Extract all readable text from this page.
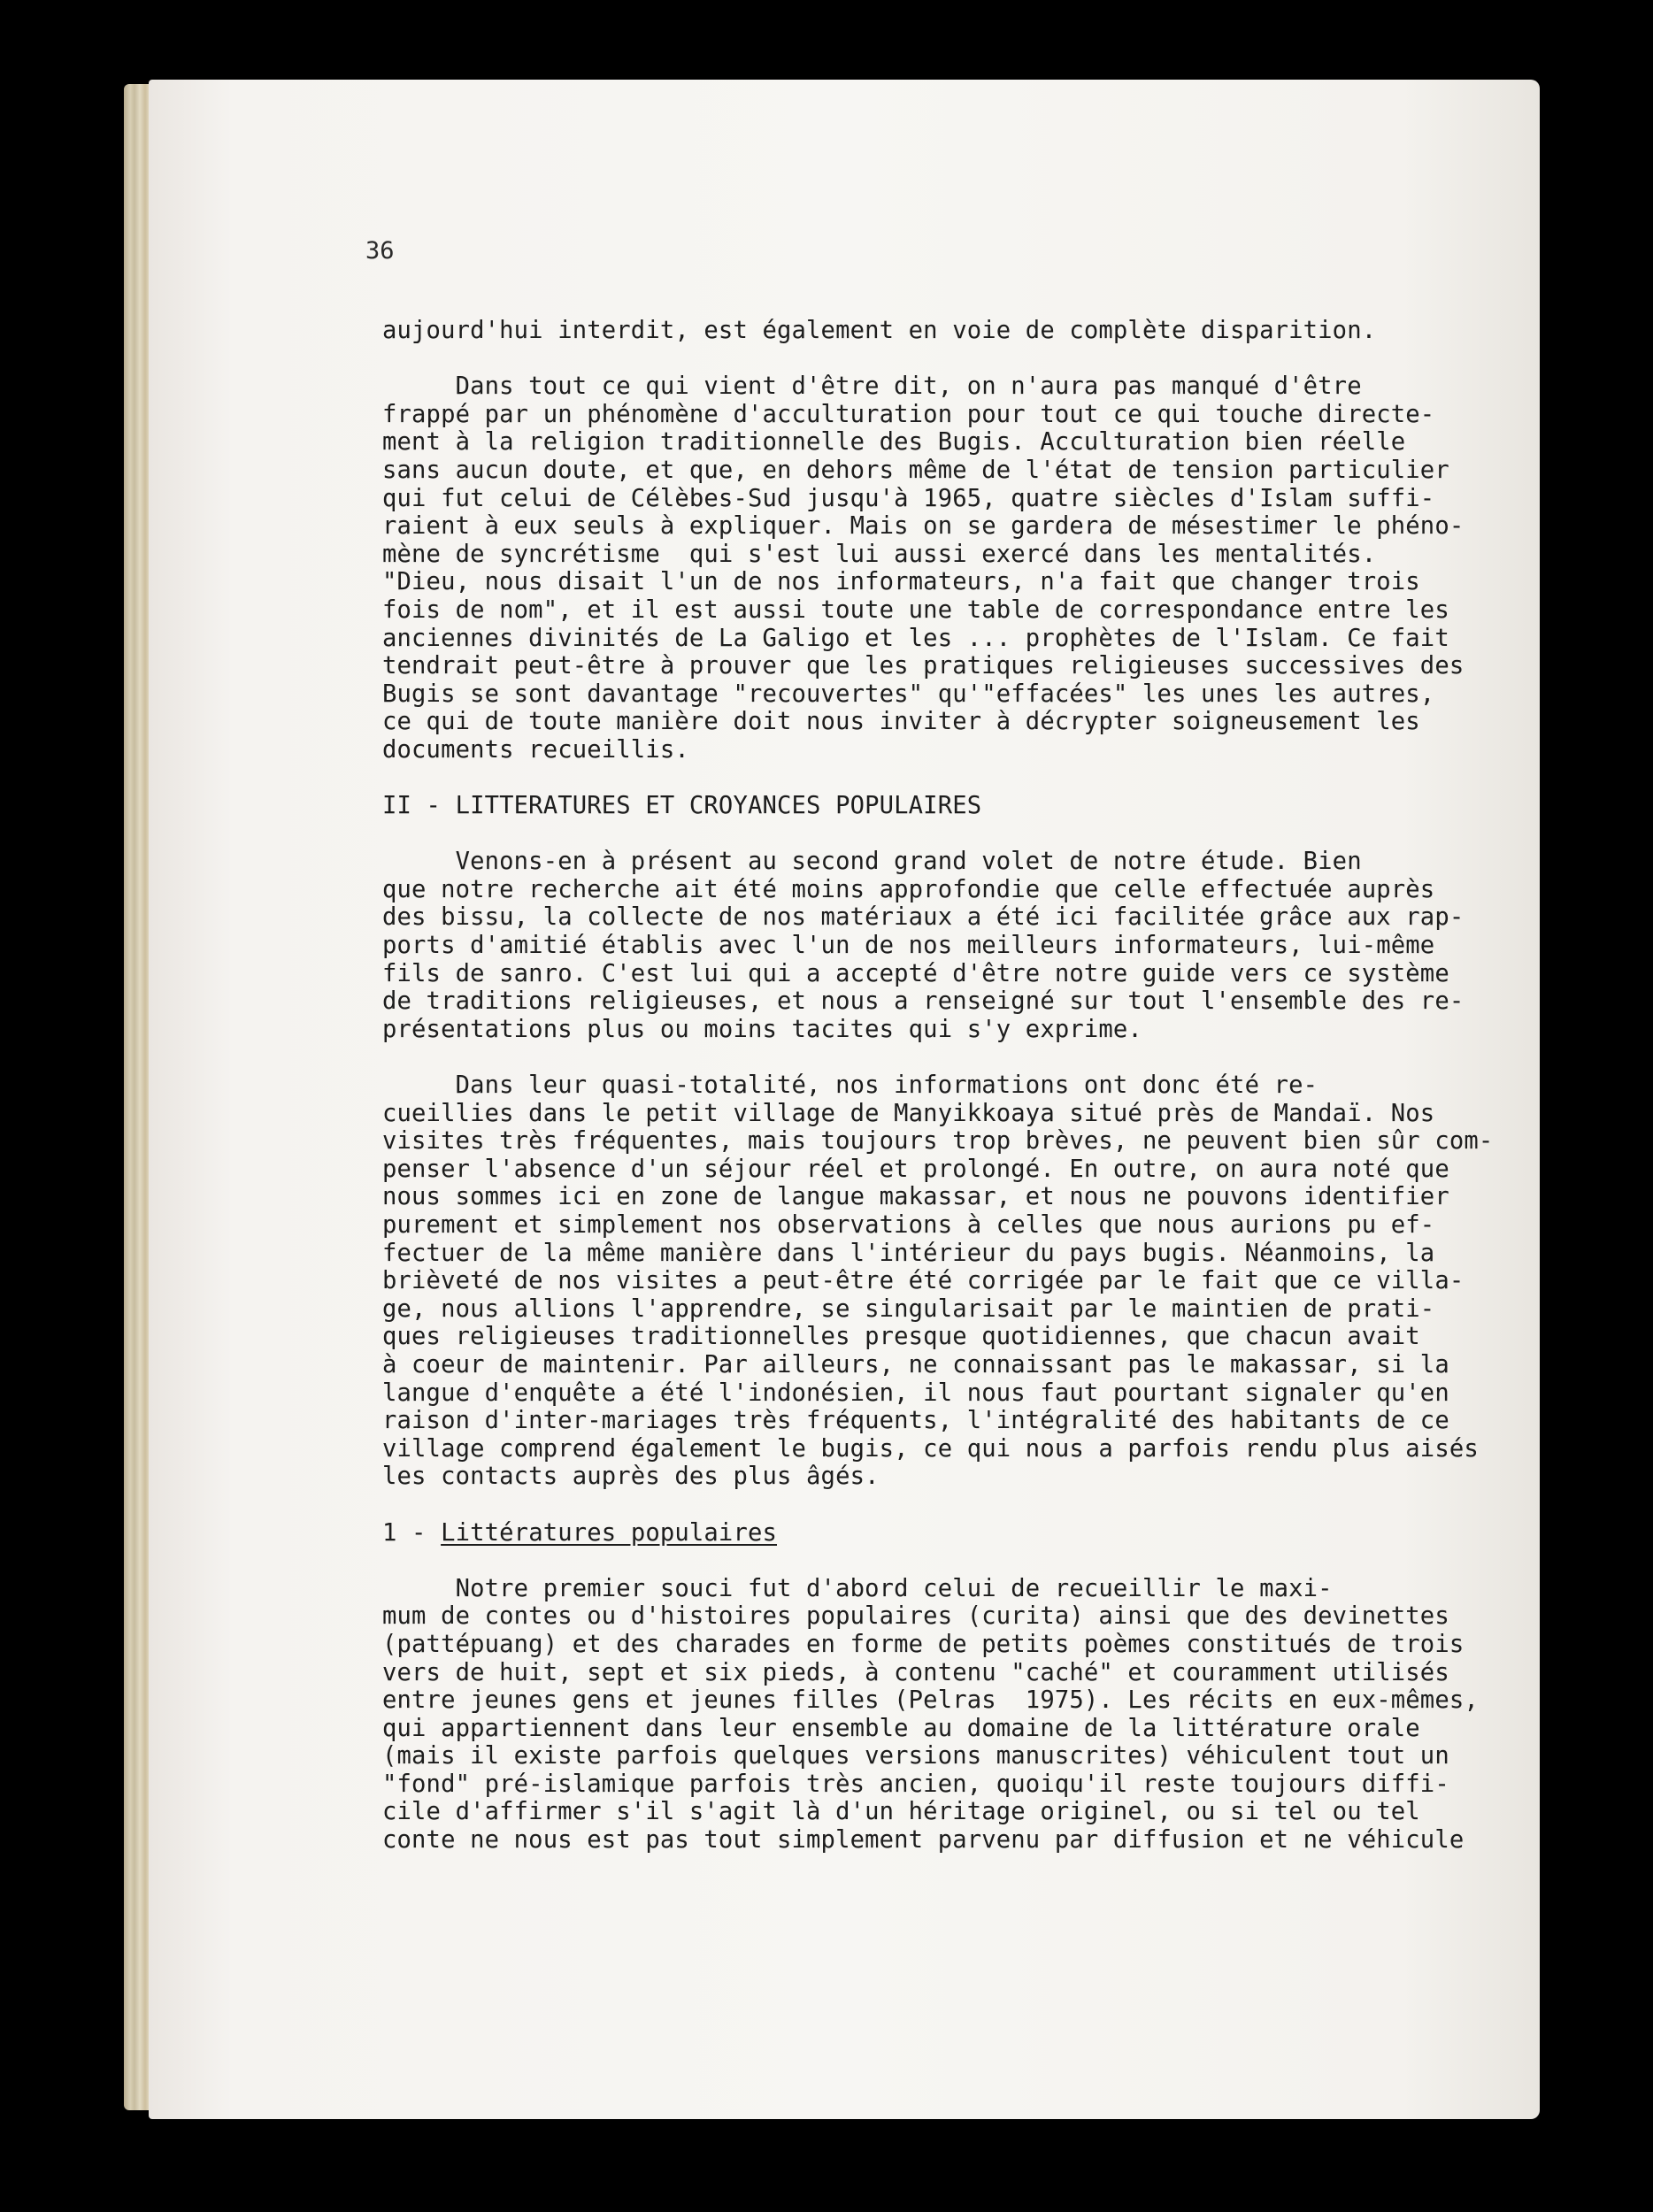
36
aujourd'hui interdit, est également en voie de complète disparition.
Dans tout ce qui vient d'être dit, on n'aura pas manqué d'être
frappé par un phénomène d'acculturation pour tout ce qui touche directe-
ment à la religion traditionnelle des Bugis. Acculturation bien réelle
sans aucun doute, et que, en dehors même de l'état de tension particulier
qui fut celui de Célèbes-Sud jusqu'à 1965, quatre siècles d'Islam suffi-
raient à eux seuls à expliquer. Mais on se gardera de mésestimer le phéno-
mène de syncrétisme  qui s'est lui aussi exercé dans les mentalités.
"Dieu, nous disait l'un de nos informateurs, n'a fait que changer trois
fois de nom", et il est aussi toute une table de correspondance entre les
anciennes divinités de La Galigo et les ... prophètes de l'Islam. Ce fait
tendrait peut-être à prouver que les pratiques religieuses successives des
Bugis se sont davantage "recouvertes" qu'"effacées" les unes les autres,
ce qui de toute manière doit nous inviter à décrypter soigneusement les
documents recueillis.
II - LITTERATURES ET CROYANCES POPULAIRES
Venons-en à présent au second grand volet de notre étude. Bien
que notre recherche ait été moins approfondie que celle effectuée auprès
des bissu, la collecte de nos matériaux a été ici facilitée grâce aux rap-
ports d'amitié établis avec l'un de nos meilleurs informateurs, lui-même
fils de sanro. C'est lui qui a accepté d'être notre guide vers ce système
de traditions religieuses, et nous a renseigné sur tout l'ensemble des re-
présentations plus ou moins tacites qui s'y exprime.
Dans leur quasi-totalité, nos informations ont donc été re-
cueillies dans le petit village de Manyikkoaya situé près de Mandaï. Nos
visites très fréquentes, mais toujours trop brèves, ne peuvent bien sûr com-
penser l'absence d'un séjour réel et prolongé. En outre, on aura noté que
nous sommes ici en zone de langue makassar, et nous ne pouvons identifier
purement et simplement nos observations à celles que nous aurions pu ef-
fectuer de la même manière dans l'intérieur du pays bugis. Néanmoins, la
brièveté de nos visites a peut-être été corrigée par le fait que ce villa-
ge, nous allions l'apprendre, se singularisait par le maintien de prati-
ques religieuses traditionnelles presque quotidiennes, que chacun avait
à coeur de maintenir. Par ailleurs, ne connaissant pas le makassar, si la
langue d'enquête a été l'indonésien, il nous faut pourtant signaler qu'en
raison d'inter-mariages très fréquents, l'intégralité des habitants de ce
village comprend également le bugis, ce qui nous a parfois rendu plus aisés
les contacts auprès des plus âgés.
1 - Littératures populaires
Notre premier souci fut d'abord celui de recueillir le maxi-
mum de contes ou d'histoires populaires (curita) ainsi que des devinettes
(pattépuang) et des charades en forme de petits poèmes constitués de trois
vers de huit, sept et six pieds, à contenu "caché" et couramment utilisés
entre jeunes gens et jeunes filles (Pelras  1975). Les récits en eux-mêmes,
qui appartiennent dans leur ensemble au domaine de la littérature orale
(mais il existe parfois quelques versions manuscrites) véhiculent tout un
"fond" pré-islamique parfois très ancien, quoiqu'il reste toujours diffi-
cile d'affirmer s'il s'agit là d'un héritage originel, ou si tel ou tel
conte ne nous est pas tout simplement parvenu par diffusion et ne véhicule
